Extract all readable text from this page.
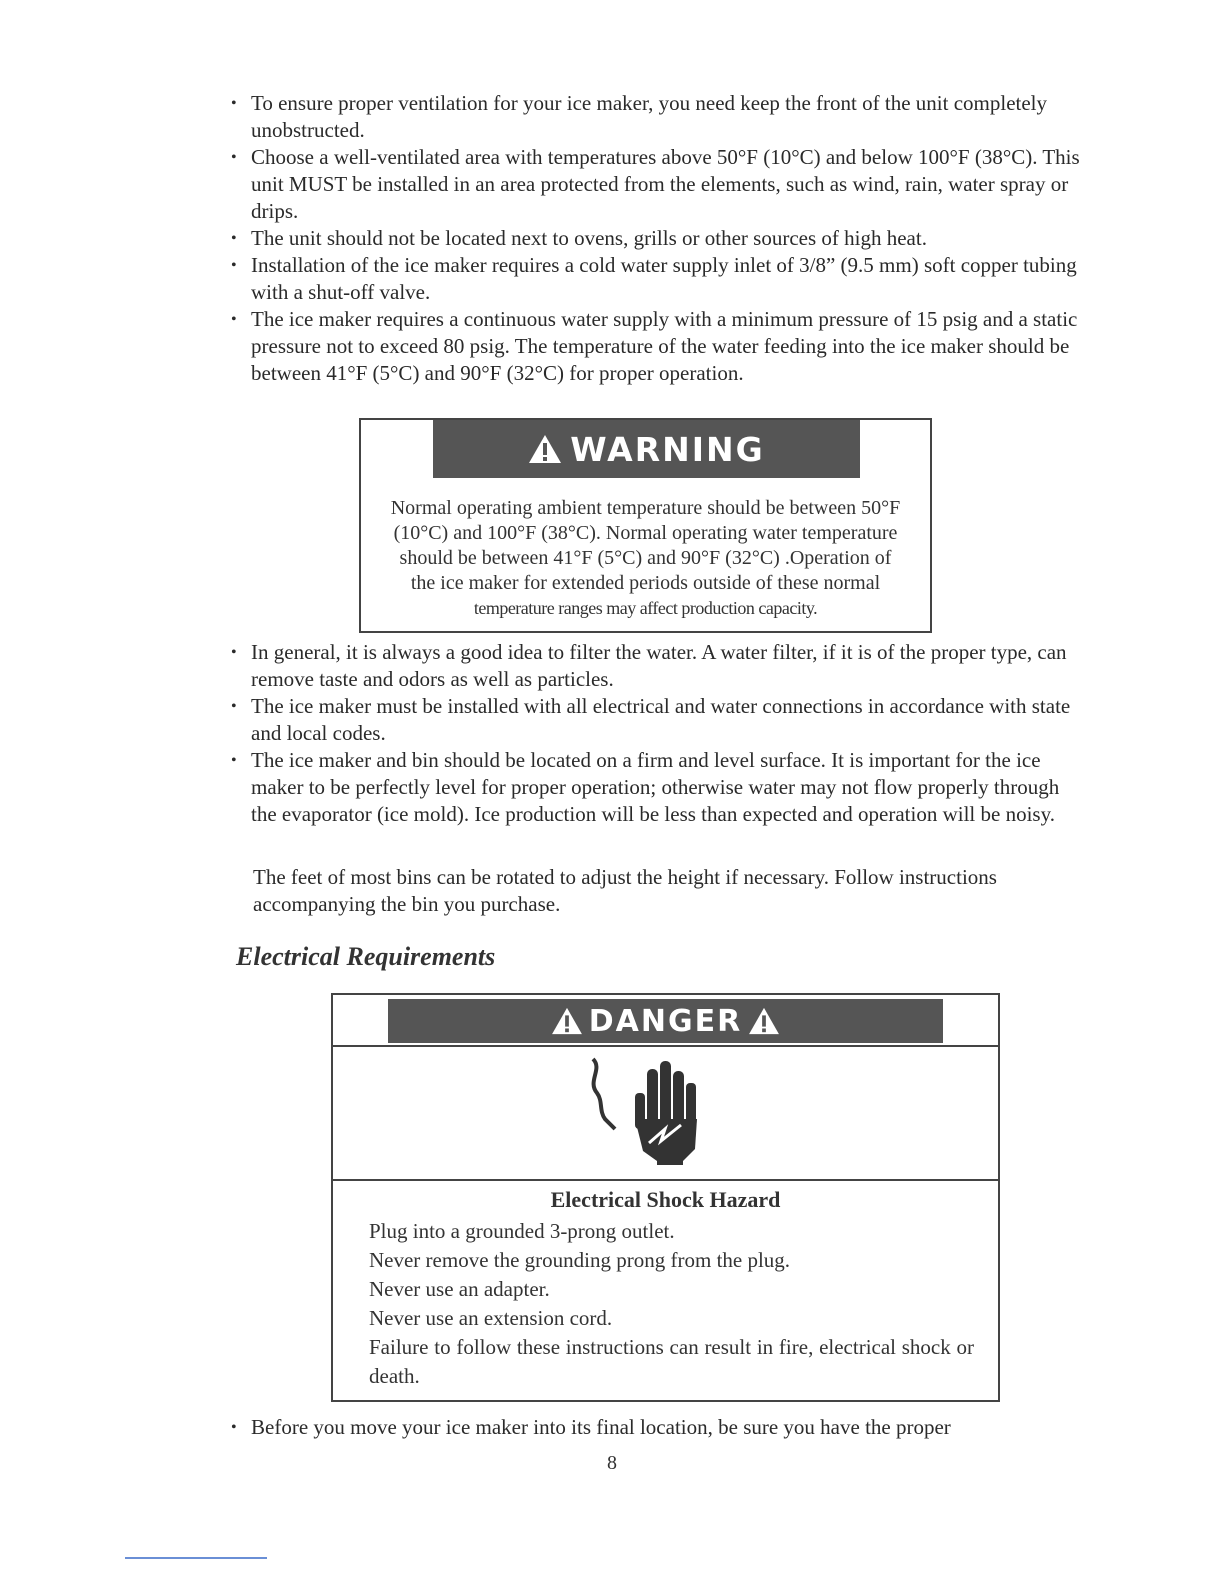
• To ensure proper ventilation for your ice maker, you need keep the front of the unit completely unobstructed.
• Choose a well-ventilated area with temperatures above 50°F (10°C) and below 100°F (38°C). This unit MUST be installed in an area protected from the elements, such as wind, rain, water spray or drips.
• The unit should not be located next to ovens, grills or other sources of high heat.
• Installation of the ice maker requires a cold water supply inlet of 3/8” (9.5 mm) soft copper tubing with a shut-off valve.
• The ice maker requires a continuous water supply with a minimum pressure of 15 psig and a static pressure not to exceed 80 psig. The temperature of the water feeding into the ice maker should be between 41°F (5°C) and 90°F (32°C) for proper operation.
WARNING
Normal operating ambient temperature should be between 50°F
(10°C) and 100°F (38°C). Normal operating water temperature
should be between 41°F (5°C) and 90°F (32°C) .Operation of
the ice maker for extended periods outside of these normal
temperature ranges may affect production capacity.
• In general, it is always a good idea to filter the water. A water filter, if it is of the proper type, can remove taste and odors as well as particles.
• The ice maker must be installed with all electrical and water connections in accordance with state and local codes.
• The ice maker and bin should be located on a firm and level surface. It is important for the ice maker to be perfectly level for proper operation; otherwise water may not flow properly through the evaporator (ice mold). Ice production will be less than expected and operation will be noisy.
The feet of most bins can be rotated to adjust the height if necessary. Follow instructions accompanying the bin you purchase.
Electrical Requirements
DANGER
Electrical Shock Hazard
Plug into a grounded 3-prong outlet.
Never remove the grounding prong from the plug.
Never use an adapter.
Never use an extension cord.
Failure to follow these instructions can result in fire, electrical shock or death.
• Before you move your ice maker into its final location, be sure you have the proper
8
